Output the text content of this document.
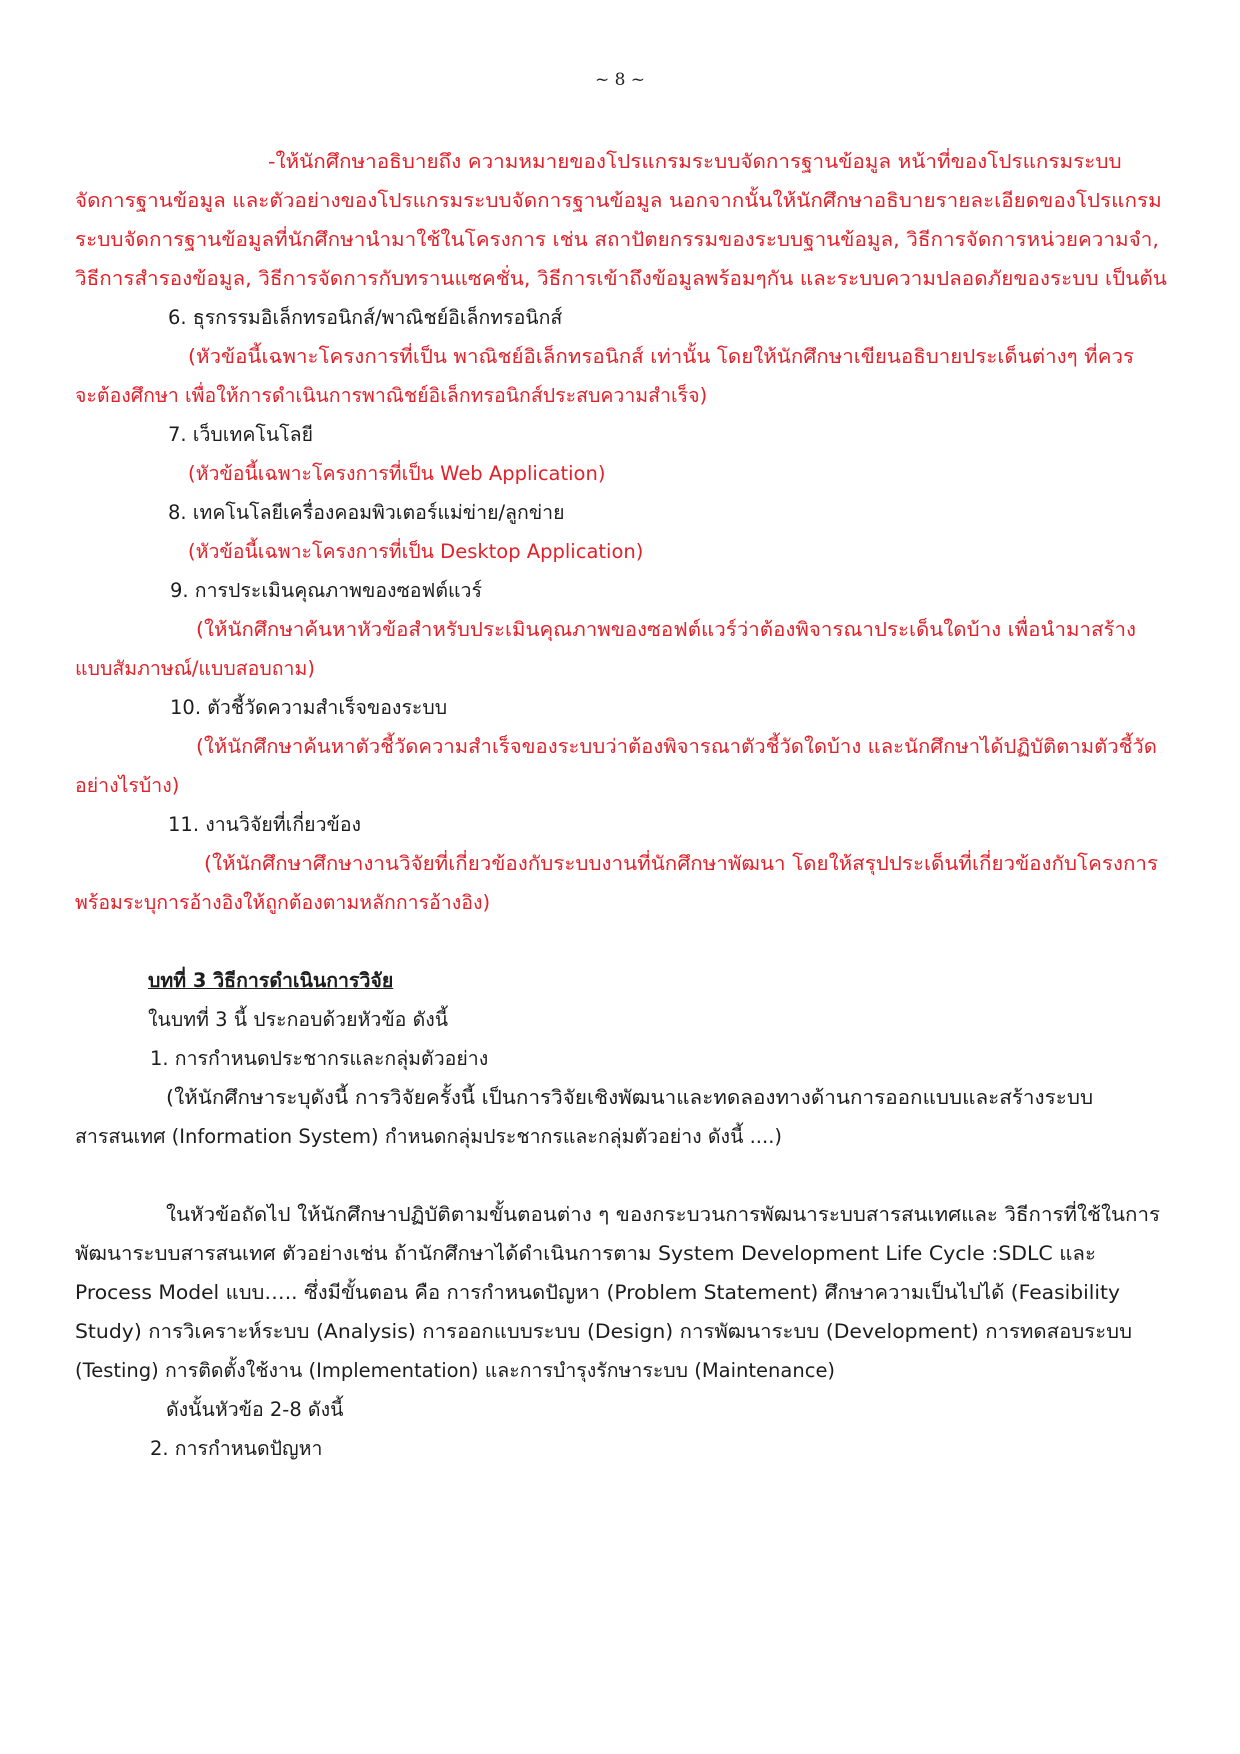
~ 8 ~

-ให้นักศึกษาอธิบายถึง ความหมายของโปรแกรมระบบจัดการฐานข้อมูล หน้าที่ของโปรแกรมระบบ

จัดการฐานข้อมูล และตัวอย่างของโปรแกรมระบบจัดการฐานข้อมูล นอกจากนั้นให้นักศึกษาอธิบายรายละเอียดของโปรแกรม

ระบบจัดการฐานข้อมูลที่นักศึกษานำมาใช้ในโครงการ เช่น สถาปัตยกรรมของระบบฐานข้อมูล, วิธีการจัดการหน่วยความจำ,

วิธีการสำรองข้อมูล, วิธีการจัดการกับทรานแซคชั่น, วิธีการเข้าถึงข้อมูลพร้อมๆกัน และระบบความปลอดภัยของระบบ เป็นต้น

6. ธุรกรรมอิเล็กทรอนิกส์/พาณิชย์อิเล็กทรอนิกส์

(หัวข้อนี้เฉพาะโครงการที่เป็น พาณิชย์อิเล็กทรอนิกส์ เท่านั้น โดยให้นักศึกษาเขียนอธิบายประเด็นต่างๆ ที่ควร

จะต้องศึกษา เพื่อให้การดำเนินการพาณิชย์อิเล็กทรอนิกส์ประสบความสำเร็จ)

7. เว็บเทคโนโลยี

(หัวข้อนี้เฉพาะโครงการที่เป็น Web Application)

8. เทคโนโลยีเครื่องคอมพิวเตอร์แม่ข่าย/ลูกข่าย

(หัวข้อนี้เฉพาะโครงการที่เป็น Desktop Application)

9. การประเมินคุณภาพของซอฟต์แวร์

(ให้นักศึกษาค้นหาหัวข้อสำหรับประเมินคุณภาพของซอฟต์แวร์ว่าต้องพิจารณาประเด็นใดบ้าง เพื่อนำมาสร้าง

แบบสัมภาษณ์/แบบสอบถาม)

10. ตัวชี้วัดความสำเร็จของระบบ

(ให้นักศึกษาค้นหาตัวชี้วัดความสำเร็จของระบบว่าต้องพิจารณาตัวชี้วัดใดบ้าง และนักศึกษาได้ปฏิบัติตามตัวชี้วัด

อย่างไรบ้าง)

11. งานวิจัยที่เกี่ยวข้อง

(ให้นักศึกษาศึกษางานวิจัยที่เกี่ยวข้องกับระบบงานที่นักศึกษาพัฒนา โดยให้สรุปประเด็นที่เกี่ยวข้องกับโครงการ

พร้อมระบุการอ้างอิงให้ถูกต้องตามหลักการอ้างอิง)

บทที่ 3 วิธีการดำเนินการวิจัย

ในบทที่ 3 นี้ ประกอบด้วยหัวข้อ ดังนี้

1. การกำหนดประชากรและกลุ่มตัวอย่าง

(ให้นักศึกษาระบุดังนี้ การวิจัยครั้งนี้ เป็นการวิจัยเชิงพัฒนาและทดลองทางด้านการออกแบบและสร้างระบบ

สารสนเทศ (Information System) กำหนดกลุ่มประชากรและกลุ่มตัวอย่าง ดังนี้ ....)

ในหัวข้อถัดไป ให้นักศึกษาปฏิบัติตามขั้นตอนต่าง ๆ ของกระบวนการพัฒนาระบบสารสนเทศและ วิธีการที่ใช้ในการ

พัฒนาระบบสารสนเทศ ตัวอย่างเช่น ถ้านักศึกษาได้ดำเนินการตาม System Development Life Cycle :SDLC และ

Process Model แบบ….. ซึ่งมีขั้นตอน คือ การกำหนดปัญหา (Problem Statement) ศึกษาความเป็นไปได้ (Feasibility

Study) การวิเคราะห์ระบบ (Analysis) การออกแบบระบบ (Design) การพัฒนาระบบ (Development) การทดสอบระบบ

(Testing) การติดตั้งใช้งาน (Implementation) และการบำรุงรักษาระบบ (Maintenance)

ดังนั้นหัวข้อ 2-8 ดังนี้

2. การกำหนดปัญหา
